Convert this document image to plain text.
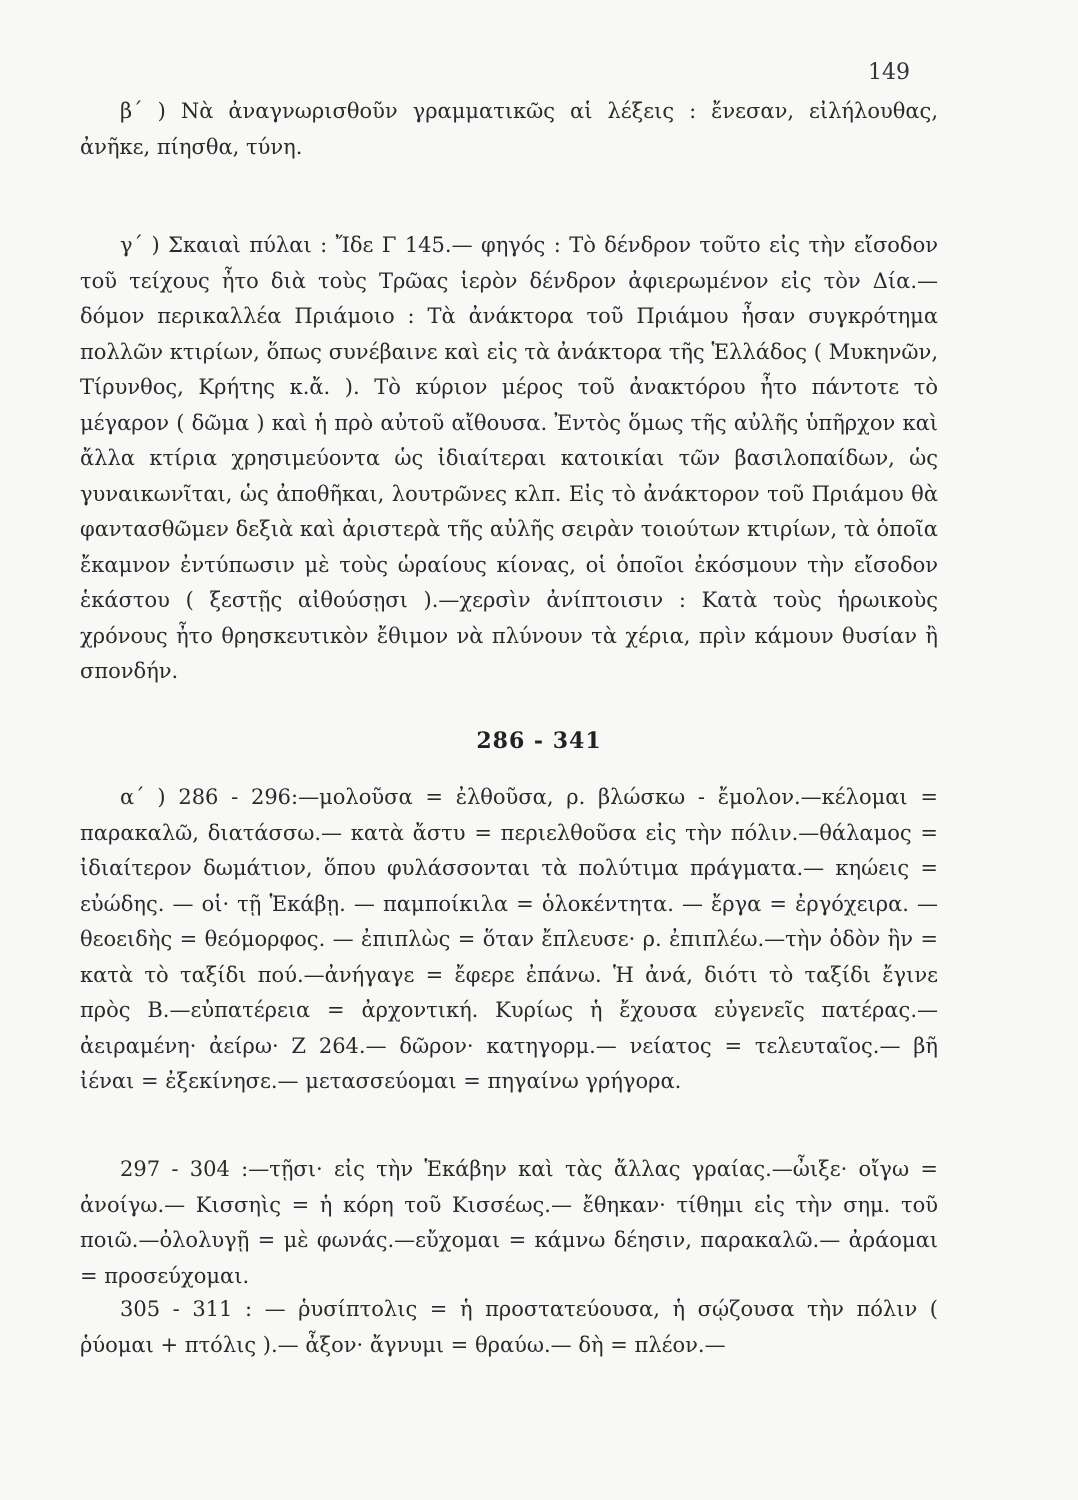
149

β΄ ) Νὰ ἀναγνωρισθοῦν γραμματικῶς αἱ λέξεις : ἔνεσαν, εἰλήλουθας, ἀνῆκε, πίησθα, τύνη.

γ΄ ) Σκαιαὶ πύλαι : Ἴδε Γ 145.— φηγός : Τὸ δένδρον τοῦτο εἰς τὴν εἴσοδον τοῦ τείχους ἦτο διὰ τοὺς Τρῶας ἱερὸν δένδρον ἀφιερωμένον εἰς τὸν Δία.—δόμον περικαλλέα Πριάμοιο : Τὰ ἀνάκτορα τοῦ Πριάμου ἦσαν συγκρότημα πολλῶν κτιρίων, ὅπως συνέβαινε καὶ εἰς τὰ ἀνάκτορα τῆς Ἑλλάδος ( Μυκηνῶν, Τίρυνθος, Κρήτης κ.ἄ. ). Τὸ κύριον μέρος τοῦ ἀνακτόρου ἦτο πάντοτε τὸ μέγαρον ( δῶμα ) καὶ ἡ πρὸ αὐτοῦ αἴθουσα. Ἐντὸς ὅμως τῆς αὐλῆς ὑπῆρχον καὶ ἄλλα κτίρια χρησιμεύοντα ὡς ἰδιαίτεραι κατοικίαι τῶν βασιλοπαίδων, ὡς γυναικωνῖται, ὡς ἀποθῆκαι, λουτρῶνες κλπ. Εἰς τὸ ἀνάκτορον τοῦ Πριάμου θὰ φαντασθῶμεν δεξιὰ καὶ ἀριστερὰ τῆς αὐλῆς σειρὰν τοιούτων κτιρίων, τὰ ὁποῖα ἔκαμνον ἐντύπωσιν μὲ τοὺς ὡραίους κίονας, οἱ ὁποῖοι ἐκόσμουν τὴν εἴσοδον ἑκάστου ( ξεστῇς αἰθούσῃσι ).—χερσὶν ἀνίπτοισιν : Κατὰ τοὺς ἡρωικοὺς χρόνους ἦτο θρησκευτικὸν ἔθιμον νὰ πλύνουν τὰ χέρια, πρὶν κάμουν θυσίαν ἢ σπονδήν.

286 - 341

α΄ ) 286 - 296:—μολοῦσα = ἐλθοῦσα, ρ. βλώσκω - ἔμολον.—κέλομαι = παρακαλῶ, διατάσσω.— κατὰ ἄστυ = περιελθοῦσα εἰς τὴν πόλιν.—θάλαμος = ἰδιαίτερον δωμάτιον, ὅπου φυλάσσονται τὰ πολύτιμα πράγματα.— κηώεις = εὐώδης. — οἱ· τῇ Ἑκάβῃ. — παμποίκιλα = ὁλοκέντητα. — ἔργα = ἐργόχειρα. — θεοειδὴς = θεόμορφος. — ἐπιπλὼς = ὅταν ἔπλευσε· ρ. ἐπιπλέω.—τὴν ὁδὸν ἣν = κατὰ τὸ ταξίδι πού.—ἀνήγαγε = ἔφερε ἐπάνω. Ἡ ἀνά, διότι τὸ ταξίδι ἔγινε πρὸς Β.—εὐπατέρεια = ἀρχοντική. Κυρίως ἡ ἔχουσα εὐγενεῖς πατέρας.— ἀειραμένη· ἀείρω· Ζ 264.— δῶρον· κατηγορμ.— νείατος = τελευταῖος.— βῆ ἰέναι = ἐξεκίνησε.— μετασσεύομαι = πηγαίνω γρήγορα.

297 - 304 :—τῇσι· εἰς τὴν Ἑκάβην καὶ τὰς ἄλλας γραίας.—ὦιξε· οἴγω = ἀνοίγω.— Κισσηὶς = ἡ κόρη τοῦ Κισσέως.— ἔθηκαν· τίθημι εἰς τὴν σημ. τοῦ ποιῶ.—ὀλολυγῇ = μὲ φωνάς.—εὔχομαι = κάμνω δέησιν, παρακαλῶ.— ἀράομαι = προσεύχομαι.

305 - 311 : — ῥυσίπτολις = ἡ προστατεύουσα, ἡ σῴζουσα τὴν πόλιν ( ῥύομαι + πτόλις ).— ἆξον· ἄγνυμι = θραύω.— δὴ = πλέον.—
